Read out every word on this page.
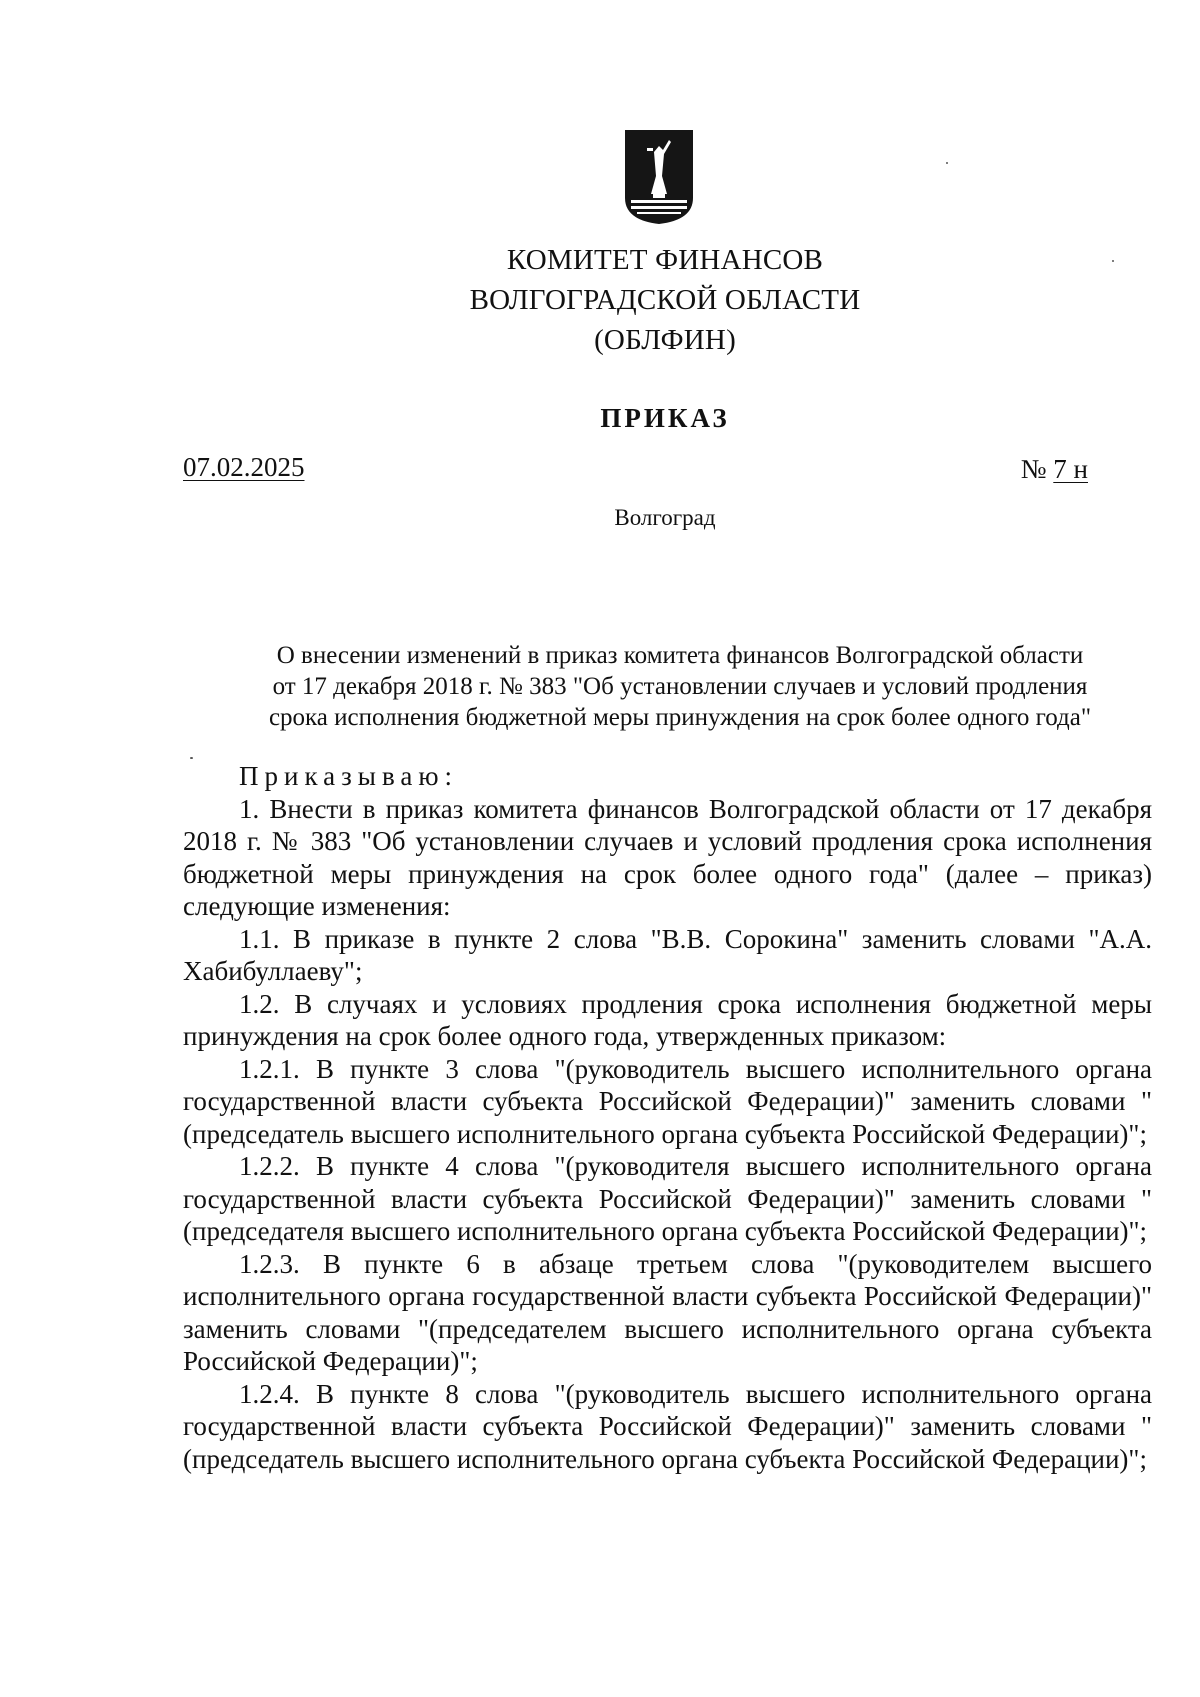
КОМИТЕТ ФИНАНСОВ
ВОЛГОГРАДСКОЙ ОБЛАСТИ
(ОБЛФИН)
ПРИКАЗ
07.02.2025	№ 7 н
Волгоград
О внесении изменений в приказ комитета финансов Волгоградской области
от 17 декабря 2018 г. № 383 "Об установлении случаев и условий продления
срока исполнения бюджетной меры принуждения на срок более одного года"

Приказываю:

1. Внести в приказ комитета финансов Волгоградской области от 17 декабря 2018 г. № 383 "Об установлении случаев и условий продления срока исполнения бюджетной меры принуждения на срок более одного года" (далее – приказ) следующие изменения:

1.1. В приказе в пункте 2 слова "В.В. Сорокина" заменить словами "А.А. Хабибуллаеву";

1.2. В случаях и условиях продления срока исполнения бюджетной меры принуждения на срок более одного года, утвержденных приказом:

1.2.1. В пункте 3 слова "(руководитель высшего исполнительного органа государственной власти субъекта Российской Федерации)" заменить словами "(председатель высшего исполнительного органа субъекта Российской Федерации)";

1.2.2. В пункте 4 слова "(руководителя высшего исполнительного органа государственной власти субъекта Российской Федерации)" заменить словами "(председателя высшего исполнительного органа субъекта Российской Федерации)";

1.2.3. В пункте 6 в абзаце третьем слова "(руководителем высшего исполнительного органа государственной власти субъекта Российской Федерации)" заменить словами "(председателем высшего исполнительного органа субъекта Российской Федерации)";

1.2.4. В пункте 8 слова "(руководитель высшего исполнительного органа государственной власти субъекта Российской Федерации)" заменить словами "(председатель высшего исполнительного органа субъекта Российской Федерации)";
